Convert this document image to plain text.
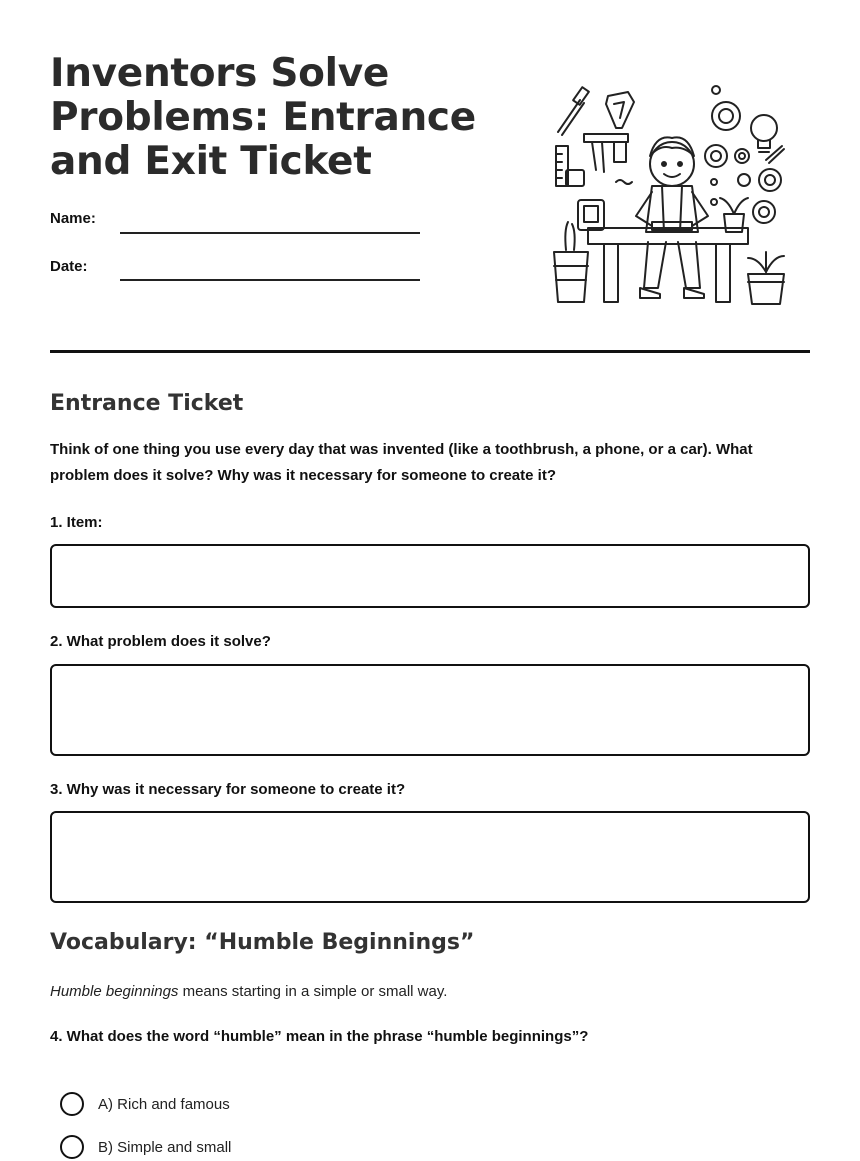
Inventors Solve Problems: Entrance and Exit Ticket
Name:
Date:
Entrance Ticket
Think of one thing you use every day that was invented (like a toothbrush, a phone, or a car). What problem does it solve? Why was it necessary for someone to create it?
1. Item:
2. What problem does it solve?
3. Why was it necessary for someone to create it?
Vocabulary: “Humble Beginnings”
Humble beginnings means starting in a simple or small way.
4. What does the word “humble” mean in the phrase “humble beginnings”?
A) Rich and famous
B) Simple and small
